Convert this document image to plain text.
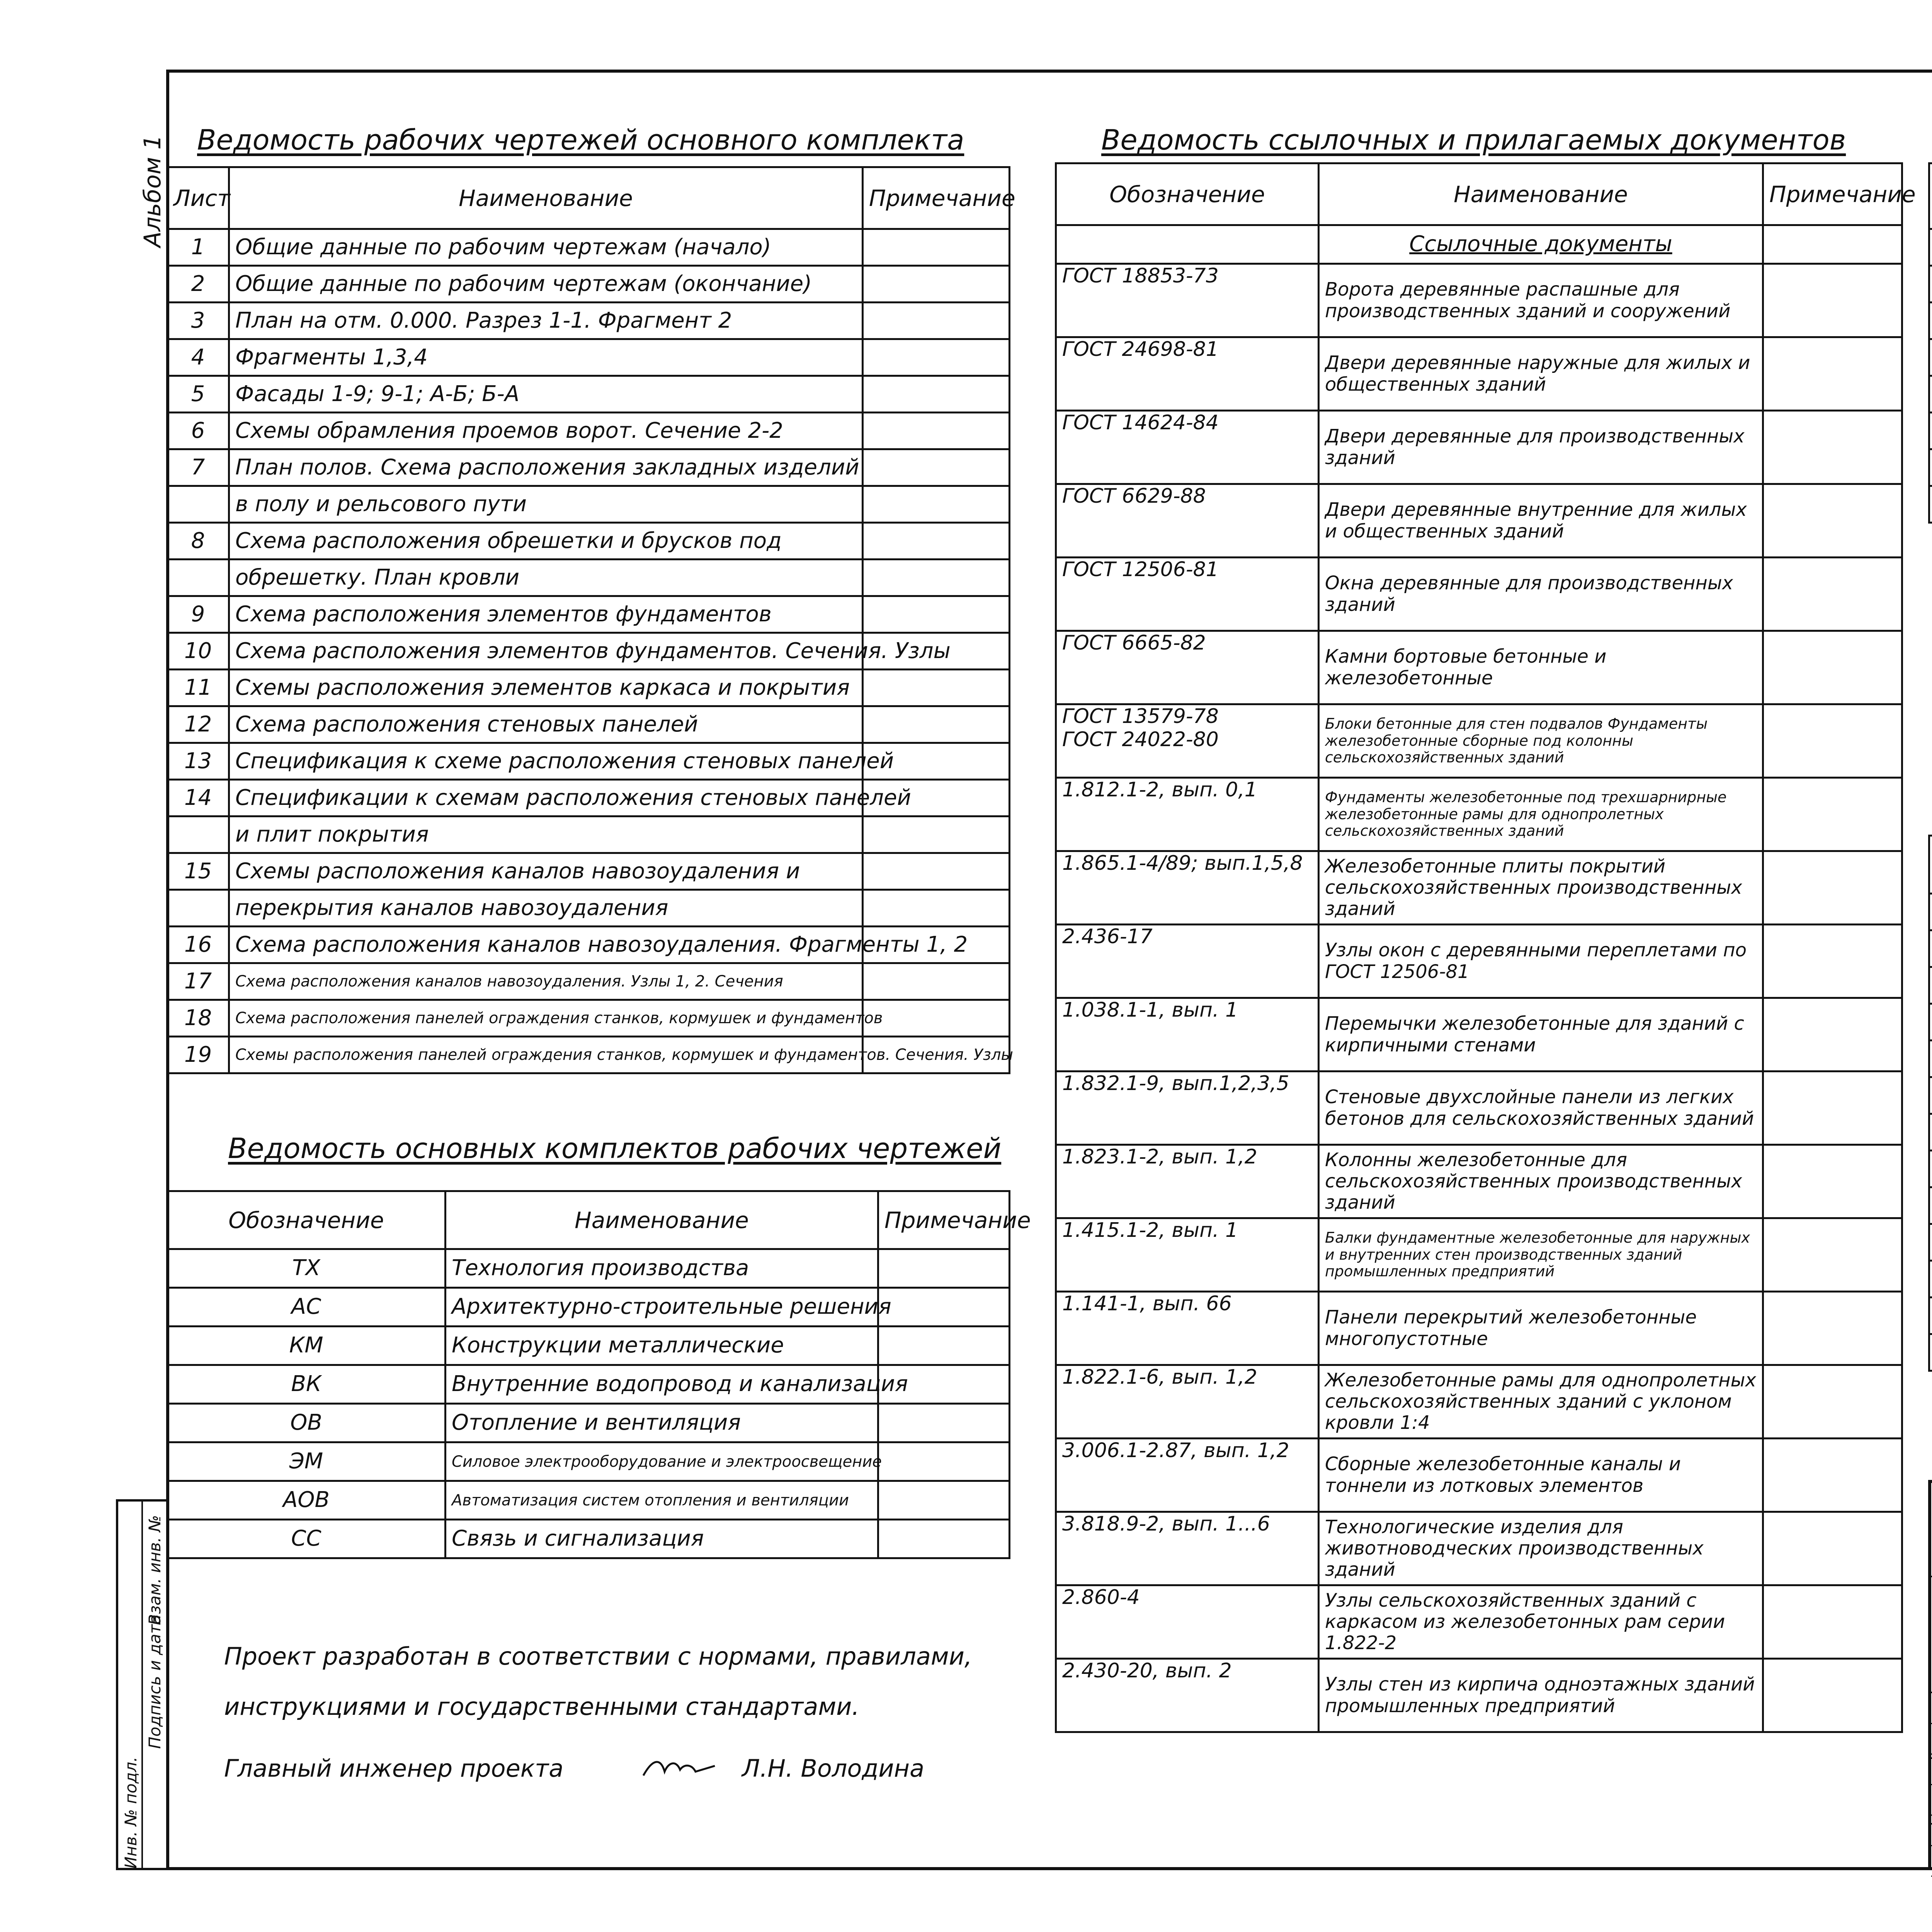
Альбом 1
Инв. № подл.
Подпись и дата
Взам. инв. №
Ведомость рабочих чертежей основного комплекта
Лист	Наименование	Примечание
1	Общие данные по рабочим чертежам (начало)	
2	Общие данные по рабочим чертежам (окончание)	
3	План на отм. 0.000. Разрез 1-1. Фрагмент 2	
4	Фрагменты 1,3,4	
5	Фасады 1-9; 9-1; А-Б; Б-А	
6	Схемы обрамления проемов ворот. Сечение 2-2	
7	План полов. Схема расположения закладных изделий	
	в полу и рельсового пути	
8	Схема расположения обрешетки и брусков под	
	обрешетку. План кровли	
9	Схема расположения элементов фундаментов	
10	Схема расположения элементов фундаментов. Сечения. Узлы	
11	Схемы расположения элементов каркаса и покрытия	
12	Схема расположения стеновых панелей	
13	Спецификация к схеме расположения стеновых панелей	
14	Спецификации к схемам расположения стеновых панелей	
	и плит покрытия	
15	Схемы расположения каналов навозоудаления и	
	перекрытия каналов навозоудаления	
16	Схема расположения каналов навозоудаления. Фрагменты 1, 2	
17	Схема расположения каналов навозоудаления. Узлы 1, 2. Сечения	
18	Схема расположения панелей ограждения станков, кормушек и фундаментов	
19	Схемы расположения панелей ограждения станков, кормушек и фундаментов. Сечения. Узлы	
Ведомость основных комплектов рабочих чертежей
Обозначение	Наименование	Примечание
ТХ	Технология производства	
АС	Архитектурно-строительные решения	
КМ	Конструкции металлические	
ВК	Внутренние водопровод и канализация	
ОВ	Отопление и вентиляция	
ЭМ	Силовое электрооборудование и электроосвещение	
АОВ	Автоматизация систем отопления и вентиляции	
СС	Связь и сигнализация	
Проект разработан в соответствии с нормами, правилами,
инструкциями и государственными стандартами.
Главный инженер проекта	Л.Н. Володина
Ведомость ссылочных и прилагаемых документов
Обозначение	Наименование	Примечание
	Ссылочные документы	
ГОСТ 18853-73	Ворота деревянные распашные для производственных зданий и сооружений	
ГОСТ 24698-81	Двери деревянные наружные для жилых и общественных зданий	
ГОСТ 14624-84	Двери деревянные для производственных зданий	
ГОСТ 6629-88	Двери деревянные внутренние для жилых и общественных зданий	
ГОСТ 12506-81	Окна деревянные для производственных зданий	
ГОСТ 6665-82	Камни бортовые бетонные и железобетонные	
ГОСТ 13579-78
ГОСТ 24022-80	Блоки бетонные для стен подвалов Фундаменты железобетонные сборные под колонны сельскохозяйственных зданий	
1.812.1-2, вып. 0,1	Фундаменты железобетонные под трехшарнирные железобетонные рамы для однопролетных сельскохозяйственных зданий	
1.865.1-4/89; вып.1,5,8	Железобетонные плиты покрытий сельскохозяйственных производственных зданий	
2.436-17	Узлы окон с деревянными переплетами по ГОСТ 12506-81	
1.038.1-1, вып. 1	Перемычки железобетонные для зданий с кирпичными стенами	
1.832.1-9, вып.1,2,3,5	Стеновые двухслойные панели из легких бетонов для сельскохозяйственных зданий	
1.823.1-2, вып. 1,2	Колонны железобетонные для сельскохозяйственных производственных зданий	
1.415.1-2, вып. 1	Балки фундаментные железобетонные для наружных и внутренних стен производственных зданий промышленных предприятий	
1.141-1, вып. 66	Панели перекрытий железобетонные многопустотные	
1.822.1-6, вып. 1,2	Железобетонные рамы для однопролетных сельскохозяйственных зданий с уклоном кровли 1:4	
3.006.1-2.87, вып. 1,2	Сборные железобетонные каналы и тоннели из лотковых элементов	
3.818.9-2, вып. 1...6	Технологические изделия для животноводческих производственных зданий	
2.860-4	Узлы сельскохозяйственных зданий с каркасом из железобетонных рам серии 1.822-2	
2.430-20, вып. 2	Узлы стен из кирпича одноэтажных зданий промышленных предприятий	
